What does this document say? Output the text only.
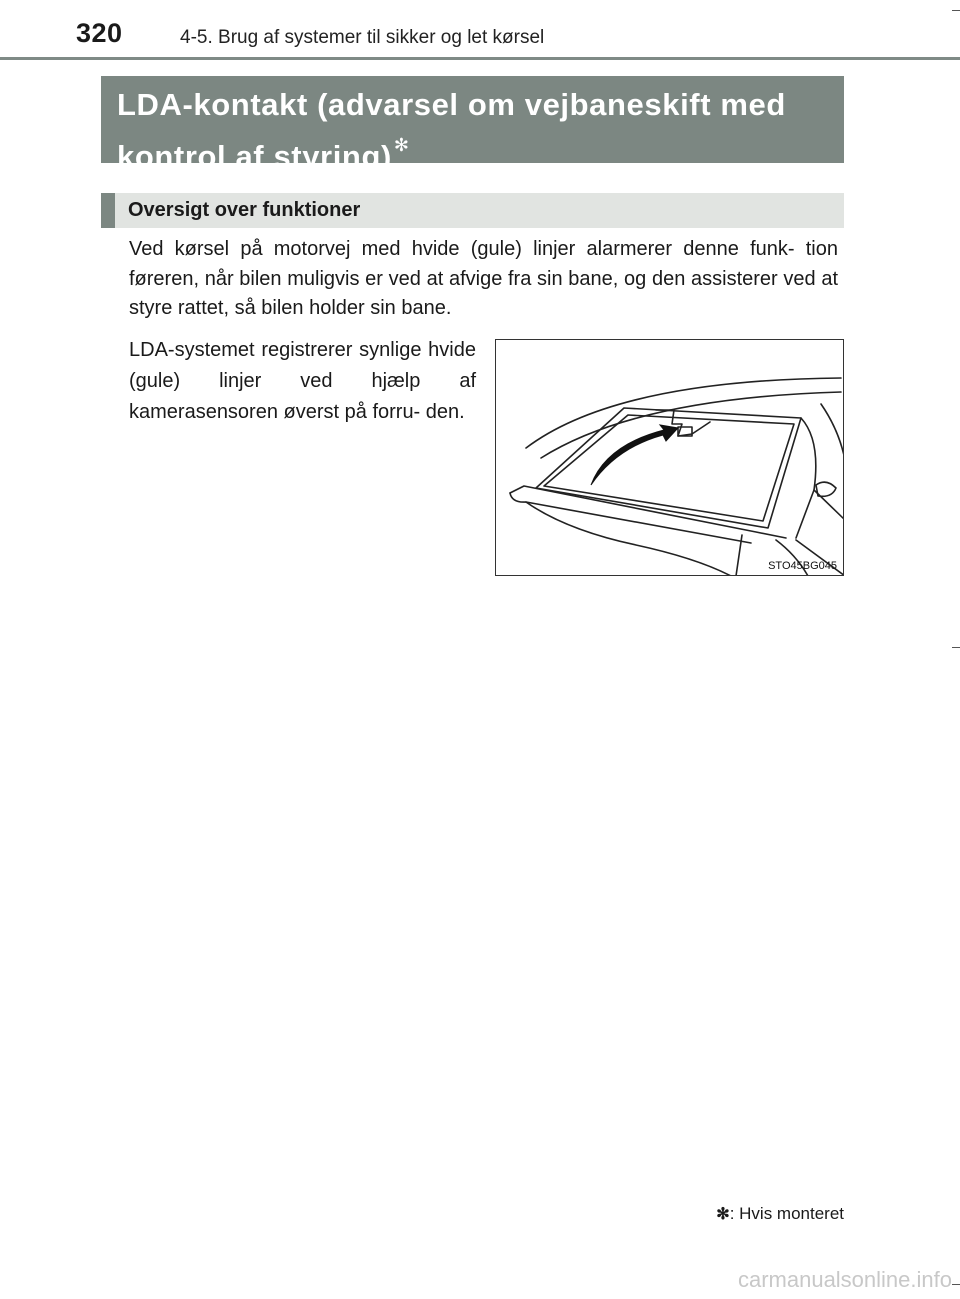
320	4-5. Brug af systemer til sikker og let kørsel
LDA-kontakt (advarsel om vejbaneskift med kontrol af styring) ✻
Oversigt over funktioner
Ved kørsel på motorvej med hvide (gule) linjer alarmerer denne funk- tion føreren, når bilen muligvis er ved at afvige fra sin bane, og den assisterer ved at styre rattet, så bilen holder sin bane.
LDA-systemet registrerer synlige hvide (gule) linjer ved hjælp af kamerasensoren øverst på forru- den.
STO45BG045
✻: Hvis monteret
carmanualsonline.info
